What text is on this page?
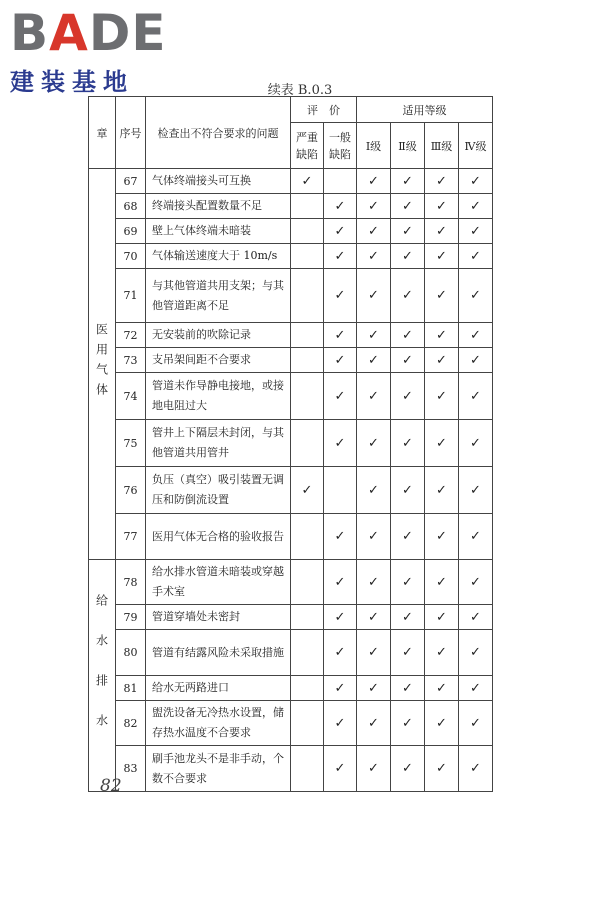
BADE
建装基地	续表 B.0.3
章	序号	检查出不符合要求的问题	评　价		适用等级			
			严重缺陷	一般缺陷	Ⅰ级	Ⅱ级	Ⅲ级	Ⅳ级
医用气体	67	气体终端接头可互换	✓		✓	✓	✓	✓
	68	终端接头配置数量不足		✓	✓	✓	✓	✓
	69	壁上气体终端未暗装		✓	✓	✓	✓	✓
	70	气体输送速度大于 10m/s		✓	✓	✓	✓	✓
	71	与其他管道共用支架；与其他管道距离不足		✓	✓	✓	✓	✓
	72	无安装前的吹除记录		✓	✓	✓	✓	✓
	73	支吊架间距不合要求		✓	✓	✓	✓	✓
	74	管道未作导静电接地，或接地电阻过大		✓	✓	✓	✓	✓
	75	管井上下隔层未封闭，与其他管道共用管井		✓	✓	✓	✓	✓
	76	负压（真空）吸引装置无调压和防倒流设置	✓		✓	✓	✓	✓
	77	医用气体无合格的验收报告		✓	✓	✓	✓	✓
给水排水	78	给水排水管道未暗装或穿越手术室		✓	✓	✓	✓	✓
	79	管道穿墙处未密封		✓	✓	✓	✓	✓
	80	管道有结露风险未采取措施		✓	✓	✓	✓	✓
	81	给水无两路进口		✓	✓	✓	✓	✓
	82	盥洗设备无冷热水设置，储存热水温度不合要求		✓	✓	✓	✓	✓
	83	刷手池龙头不是非手动，个数不合要求		✓	✓	✓	✓	✓
82
